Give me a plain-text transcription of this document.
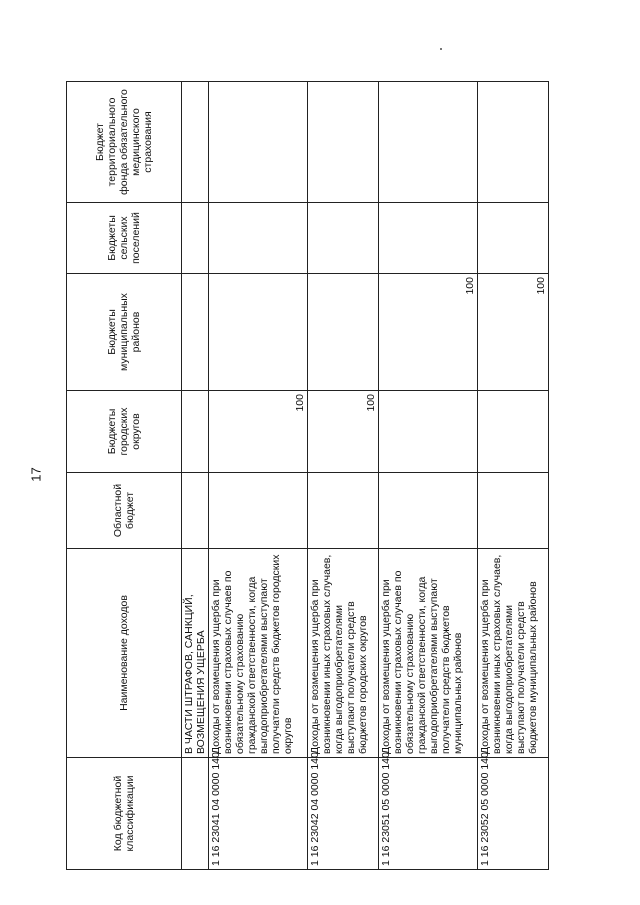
17
Код бюджетной классификации	Наименование доходов	Областной бюджет	Бюджеты городских округов	Бюджеты муниципальных районов	Бюджеты сельских поселений	Бюджет территориального фонда обязательного медицинского страхования
	В ЧАСТИ ШТРАФОВ, САНКЦИЙ, ВОЗМЕЩЕНИЯ УЩЕРБА					
1 16 23041 04 0000 140	Доходы от возмещения ущерба при возникновении страховых случаев по обязательному страхованию гражданской ответственности, когда выгодоприобретателями выступают получатели средств бюджетов городских округов		100			
1 16 23042 04 0000 140	Доходы от возмещения ущерба при возникновении иных страховых случаев, когда выгодоприобретателями выступают получатели средств бюджетов городских округов		100			
1 16 23051 05 0000 140	Доходы от возмещения ущерба при возникновении страховых случаев по обязательному страхованию гражданской ответственности, когда выгодоприобретателями выступают получатели средств бюджетов муниципальных районов			100		
1 16 23052 05 0000 140	Доходы от возмещения ущерба при возникновении иных страховых случаев, когда выгодоприобретателями выступают получатели средств бюджетов муниципальных районов			100		
